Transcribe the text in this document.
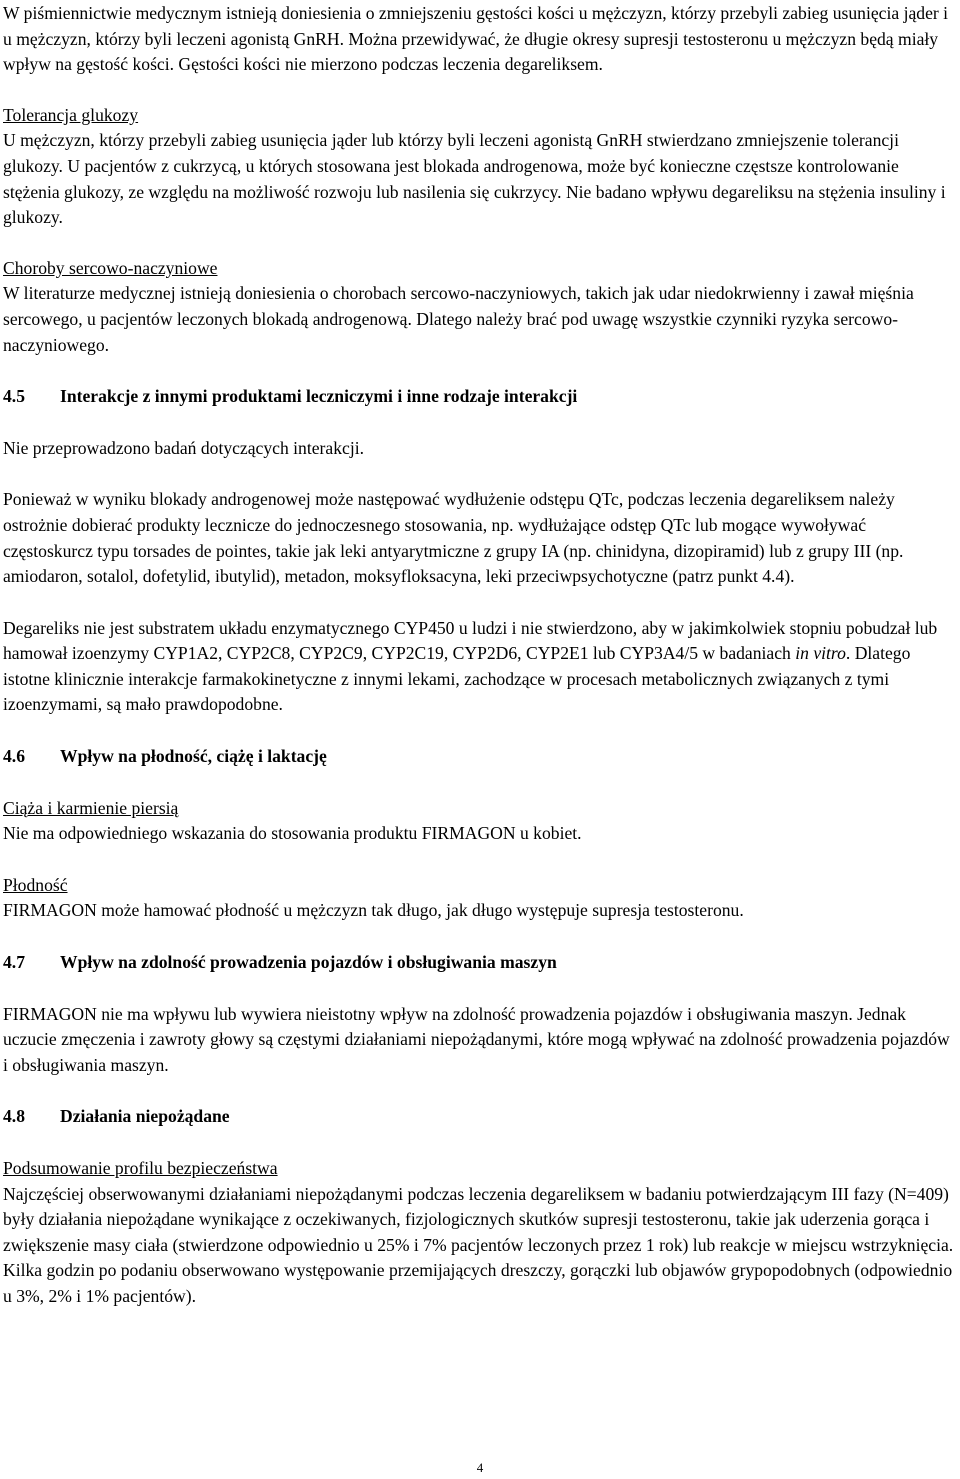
W piśmiennictwie medycznym istnieją doniesienia o zmniejszeniu gęstości kości u mężczyzn, którzy przebyli zabieg usunięcia jąder i u mężczyzn, którzy byli leczeni agonistą GnRH. Można przewidywać, że długie okresy supresji testosteronu u mężczyzn będą miały wpływ na gęstość kości. Gęstości kości nie mierzono podczas leczenia degareliksem.

Tolerancja glukozy

U mężczyzn, którzy przebyli zabieg usunięcia jąder lub którzy byli leczeni agonistą GnRH stwierdzano zmniejszenie tolerancji glukozy. U pacjentów z cukrzycą, u których stosowana jest blokada androgenowa, może być konieczne częstsze kontrolowanie stężenia glukozy, ze względu na możliwość rozwoju lub nasilenia się cukrzycy. Nie badano wpływu degareliksu na stężenia insuliny i glukozy.

Choroby sercowo-naczyniowe

W literaturze medycznej istnieją doniesienia o chorobach sercowo-naczyniowych, takich jak udar niedokrwienny i zawał mięśnia sercowego, u pacjentów leczonych blokadą androgenową. Dlatego należy brać pod uwagę wszystkie czynniki ryzyka sercowo-naczyniowego.

4.5 Interakcje z innymi produktami leczniczymi i inne rodzaje interakcji

Nie przeprowadzono badań dotyczących interakcji.

Ponieważ w wyniku blokady androgenowej może następować wydłużenie odstępu QTc, podczas leczenia degareliksem należy ostrożnie dobierać produkty lecznicze do jednoczesnego stosowania, np. wydłużające odstęp QTc lub mogące wywoływać częstoskurcz typu torsades de pointes, takie jak leki antyarytmiczne z grupy IA (np. chinidyna, dizopiramid) lub z grupy III (np. amiodaron, sotalol, dofetylid, ibutylid), metadon, moksyfloksacyna, leki przeciwpsychotyczne (patrz punkt 4.4).

Degareliks nie jest substratem układu enzymatycznego CYP450 u ludzi i nie stwierdzono, aby w jakimkolwiek stopniu pobudzał lub hamował izoenzymy CYP1A2, CYP2C8, CYP2C9, CYP2C19, CYP2D6, CYP2E1 lub CYP3A4/5 w badaniach in vitro. Dlatego istotne klinicznie interakcje farmakokinetyczne z innymi lekami, zachodzące w procesach metabolicznych związanych z tymi izoenzymami, są mało prawdopodobne.

4.6 Wpływ na płodność, ciążę i laktację

Ciąża i karmienie piersią

Nie ma odpowiedniego wskazania do stosowania produktu FIRMAGON u kobiet.

Płodność

FIRMAGON może hamować płodność u mężczyzn tak długo, jak długo występuje supresja testosteronu.

4.7 Wpływ na zdolność prowadzenia pojazdów i obsługiwania maszyn

FIRMAGON nie ma wpływu lub wywiera nieistotny wpływ na zdolność prowadzenia pojazdów i obsługiwania maszyn. Jednak uczucie zmęczenia i zawroty głowy są częstymi działaniami niepożądanymi, które mogą wpływać na zdolność prowadzenia pojazdów i obsługiwania maszyn.

4.8 Działania niepożądane

Podsumowanie profilu bezpieczeństwa

Najczęściej obserwowanymi działaniami niepożądanymi podczas leczenia degareliksem w badaniu potwierdzającym III fazy (N=409) były działania niepożądane wynikające z oczekiwanych, fizjologicznych skutków supresji testosteronu, takie jak uderzenia gorąca i zwiększenie masy ciała (stwierdzone odpowiednio u 25% i 7% pacjentów leczonych przez 1 rok) lub reakcje w miejscu wstrzyknięcia. Kilka godzin po podaniu obserwowano występowanie przemijających dreszczy, gorączki lub objawów grypopodobnych (odpowiednio u 3%, 2% i 1% pacjentów).

4
